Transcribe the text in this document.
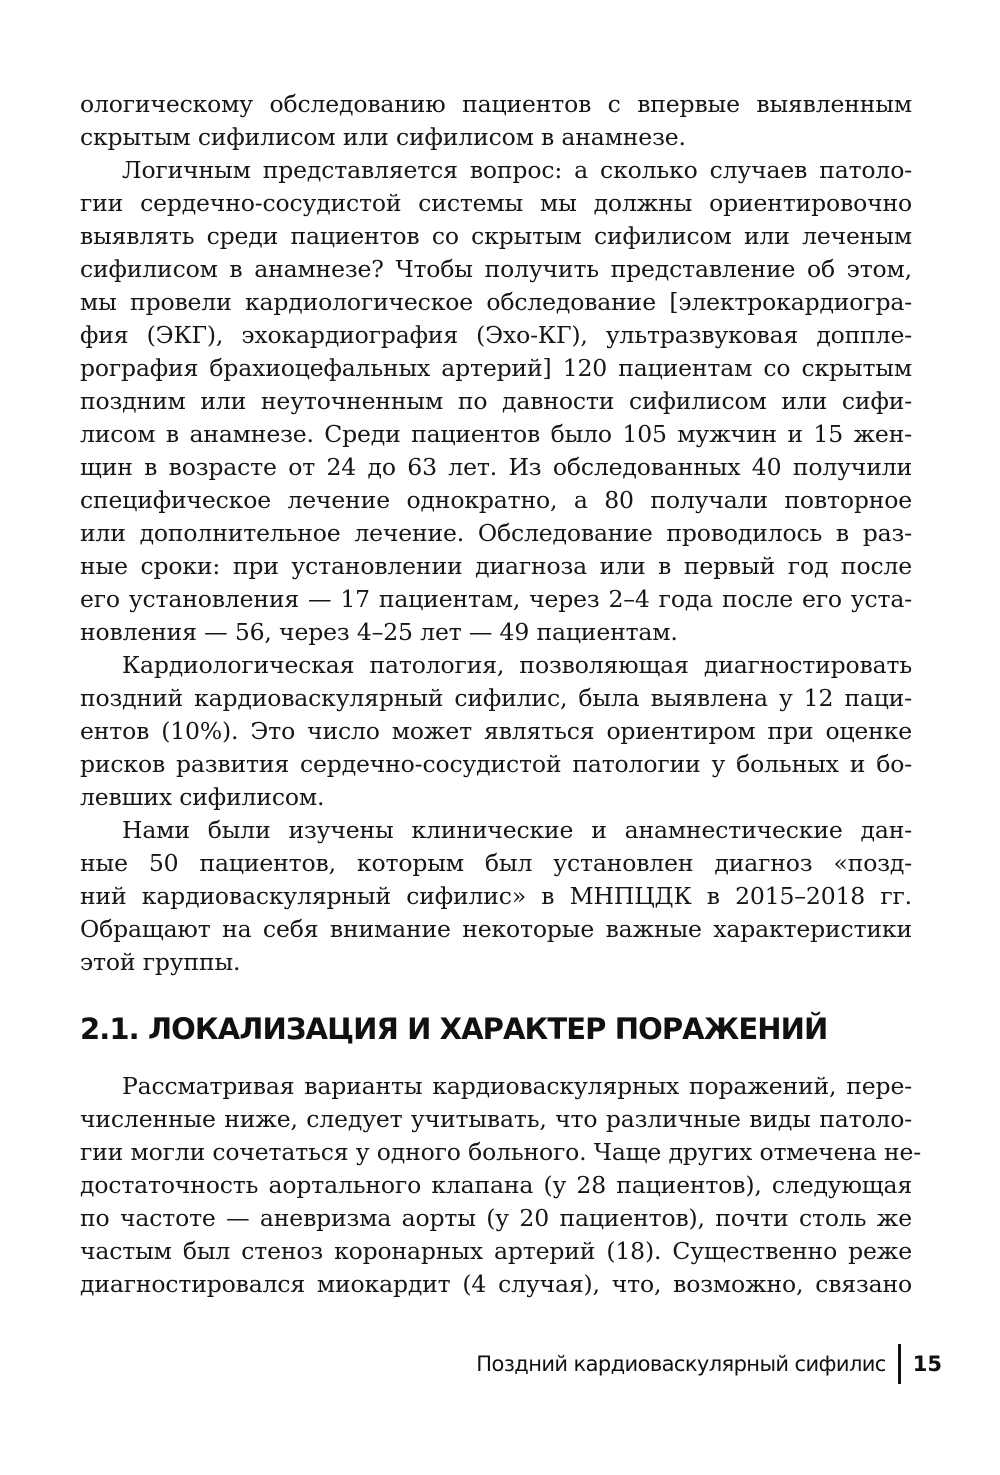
ологическому обследованию пациентов с впервые выявленным
скрытым сифилисом или сифилисом в анамнезе.
Логичным представляется вопрос: а сколько случаев патоло-
гии сердечно-сосудистой системы мы должны ориентировочно
выявлять среди пациентов со скрытым сифилисом или леченым
сифилисом в анамнезе? Чтобы получить представление об этом,
мы провели кардиологическое обследование [электрокардиогра-
фия (ЭКГ), эхокардиография (Эхо-КГ), ультразвуковая доппле-
рография брахиоцефальных артерий] 120 пациентам со скрытым
поздним или неуточненным по давности сифилисом или сифи-
лисом в анамнезе. Среди пациентов было 105 мужчин и 15 жен-
щин в возрасте от 24 до 63 лет. Из обследованных 40 получили
специфическое лечение однократно, а 80 получали повторное
или дополнительное лечение. Обследование проводилось в раз-
ные сроки: при установлении диагноза или в первый год после
его установления — 17 пациентам, через 2–4 года после его уста-
новления — 56, через 4–25 лет — 49 пациентам.
Кардиологическая патология, позволяющая диагностировать
поздний кардиоваскулярный сифилис, была выявлена у 12 паци-
ентов (10%). Это число может являться ориентиром при оценке
рисков развития сердечно-сосудистой патологии у больных и бо-
левших сифилисом.
Нами были изучены клинические и анамнестические дан-
ные 50 пациентов, которым был установлен диагноз «позд-
ний кардиоваскулярный сифилис» в МНПЦДК в 2015–2018 гг.
Обращают на себя внимание некоторые важные характеристики
этой группы.
2.1. ЛОКАЛИЗАЦИЯ И ХАРАКТЕР ПОРАЖЕНИЙ
Рассматривая варианты кардиоваскулярных поражений, пере-
численные ниже, следует учитывать, что различные виды патоло-
гии могли сочетаться у одного больного. Чаще других отмечена не-
достаточность аортального клапана (у 28 пациентов), следующая
по частоте — аневризма аорты (у 20 пациентов), почти столь же
частым был стеноз коронарных артерий (18). Существенно реже
диагностировался миокардит (4 случая), что, возможно, связано
Поздний кардиоваскулярный сифилис 15
